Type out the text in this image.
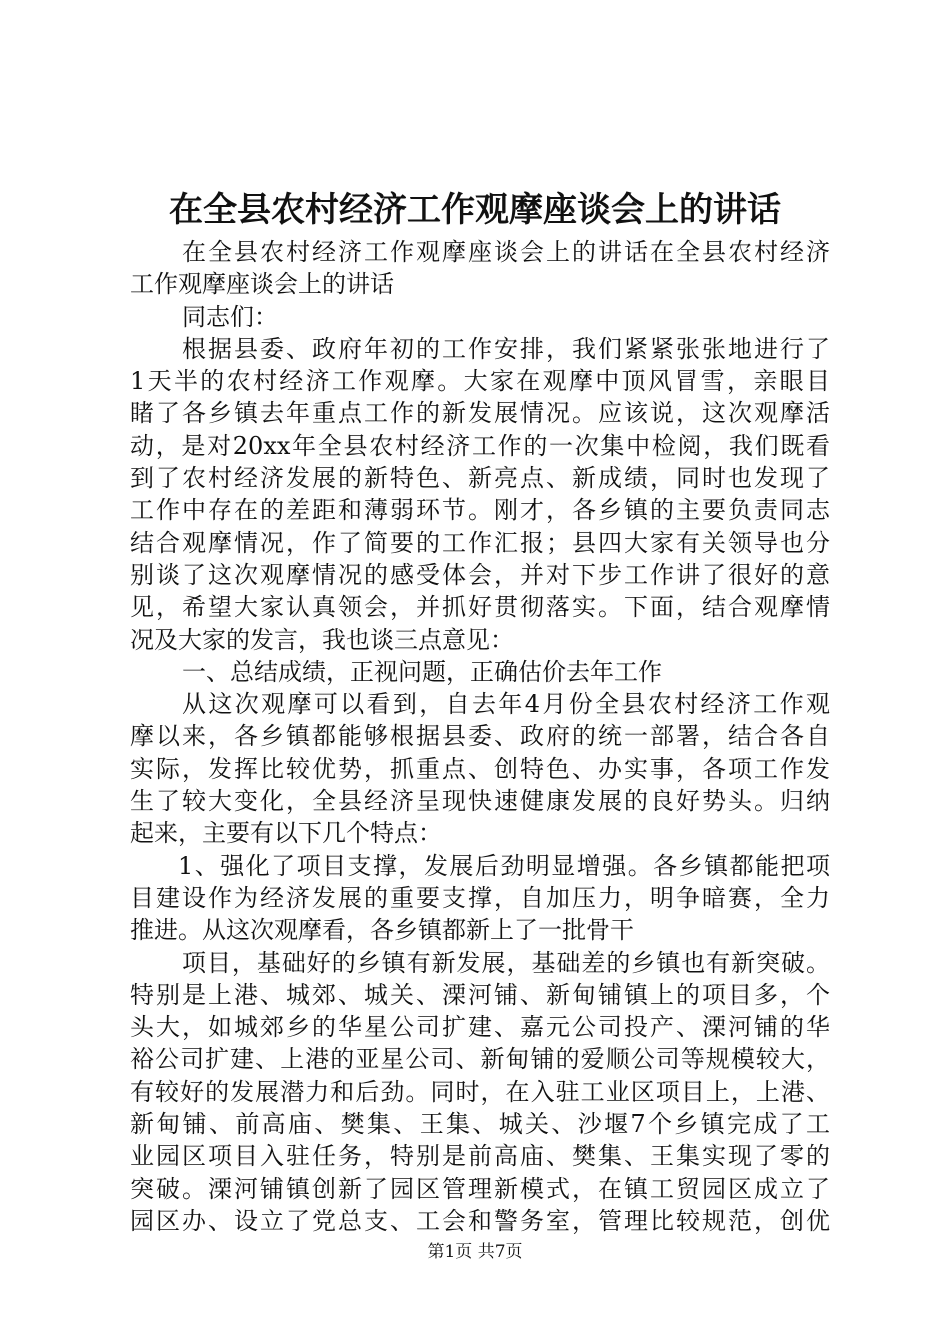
在全县农村经济工作观摩座谈会上的讲话
在全县农村经济工作观摩座谈会上的讲话在全县农村经济
工作观摩座谈会上的讲话
同志们：
根据县委、政府年初的工作安排，我们紧紧张张地进行了
1天半的农村经济工作观摩。大家在观摩中顶风冒雪，亲眼目
睹了各乡镇去年重点工作的新发展情况。应该说，这次观摩活
动，是对20xx年全县农村经济工作的一次集中检阅，我们既看
到了农村经济发展的新特色、新亮点、新成绩，同时也发现了
工作中存在的差距和薄弱环节。刚才，各乡镇的主要负责同志
结合观摩情况，作了简要的工作汇报；县四大家有关领导也分
别谈了这次观摩情况的感受体会，并对下步工作讲了很好的意
见，希望大家认真领会，并抓好贯彻落实。下面，结合观摩情
况及大家的发言，我也谈三点意见：
一、总结成绩，正视问题，正确估价去年工作
从这次观摩可以看到，自去年4月份全县农村经济工作观
摩以来，各乡镇都能够根据县委、政府的统一部署，结合各自
实际，发挥比较优势，抓重点、创特色、办实事，各项工作发
生了较大变化，全县经济呈现快速健康发展的良好势头。归纳
起来，主要有以下几个特点：
1、强化了项目支撑，发展后劲明显增强。各乡镇都能把项
目建设作为经济发展的重要支撑，自加压力，明争暗赛，全力
推进。从这次观摩看，各乡镇都新上了一批骨干
项目，基础好的乡镇有新发展，基础差的乡镇也有新突破。
特别是上港、城郊、城关、溧河铺、新甸铺镇上的项目多，个
头大，如城郊乡的华星公司扩建、嘉元公司投产、溧河铺的华
裕公司扩建、上港的亚星公司、新甸铺的爱顺公司等规模较大，
有较好的发展潜力和后劲。同时，在入驻工业区项目上，上港、
新甸铺、前高庙、樊集、王集、城关、沙堰7个乡镇完成了工
业园区项目入驻任务，特别是前高庙、樊集、王集实现了零的
突破。溧河铺镇创新了园区管理新模式，在镇工贸园区成立了
园区办、设立了党总支、工会和警务室，管理比较规范，创优
第1页 共7页
